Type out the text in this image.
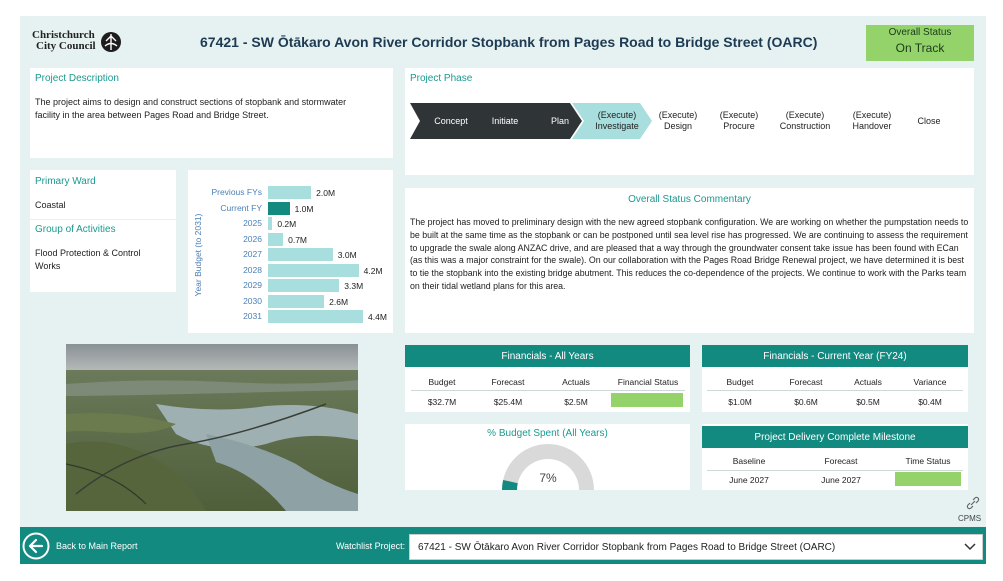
Christchurch
City Council	67421 - SW Ōtākaro Avon River Corridor Stopbank from Pages Road to Bridge Street (OARC)
Overall Status
On Track
Project Description
The project aims to design and construct sections of stopbank and stormwater facility in the area between Pages Road and Bridge Street.
Project Phase
Concept	Initiate	Plan
(Execute) Investigate
(Execute) Design
(Execute) Procure
(Execute) Construction
(Execute) Handover
Close
Primary Ward
Coastal
Group of Activities
Flood Protection & Control Works	Year Budget (to 2031)
Previous FYs	2.0M
Current FY	1.0M
2025 0.2M
2026	0.7M
2027	3.0M
2028	4.2M
2029	3.3M
2030	2.6M
2031	4.4M
Overall Status Commentary
The project has moved to preliminary design with the new agreed stopbank configuration. We are working on whether the pumpstation needs to be built at the same time as the stopbank or can be postponed until sea level rise has progressed. We are continuing to assess the requirement to upgrade the swale along ANZAC drive, and are pleased that a way through the groundwater consent take issue has been found with ECan (as this was a major constraint for the swale). On our collaboration with the Pages Road Bridge Renewal project, we have determined it is best to tie the stopbank into the existing bridge abutment. This reduces the co-dependence of the projects. We continue to work with the Parks team on their tidal wetland plans for this area.
Financials - All Years
Budget	Forecast	Actuals	Financial Status
$32.7M	$25.4M	$2.5M
Financials - Current Year (FY24)
Budget	Forecast	Actuals	Variance
$1.0M	$0.6M	$0.5M	$0.4M
% Budget Spent (All Years)
7%
Project Delivery Complete Milestone
Baseline	Forecast	Time Status
June 2027	June 2027
CPMS
Back to Main Report	Watchlist Project: 67421 - SW Ōtākaro Avon River Corridor Stopbank from Pages Road to Bridge Street (OARC)
